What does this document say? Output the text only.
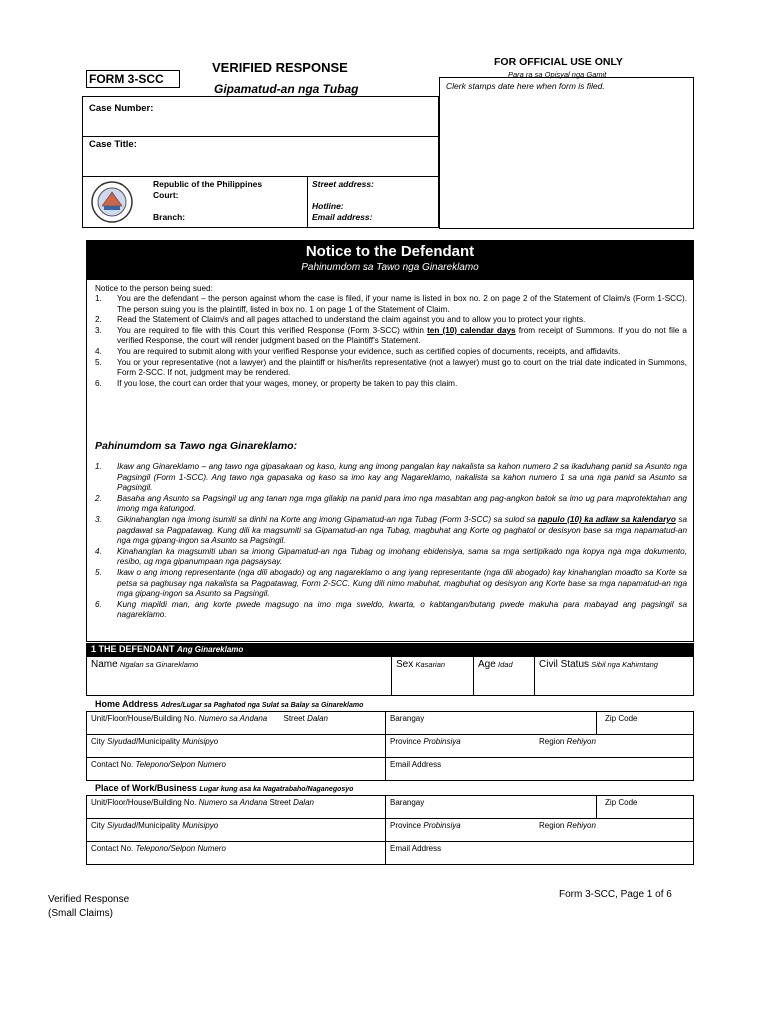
FORM 3-SCC
VERIFIED RESPONSE
Gipamatud-an nga Tubag
FOR OFFICIAL USE ONLY
Para ra sa Opisyal nga Gamit
Clerk stamps date here when form is filed.
Case Number:
Case Title:
Republic of the Philippines
Court:
Branch:
Street address:
Hotline:
Email address:
Notice to the Defendant
Pahinumdom sa Tawo nga Ginareklamo
Notice to the person being sued:
1. You are the defendant – the person against whom the case is filed, if your name is listed in box no. 2 on page 2 of the Statement of Claim/s (Form 1-SCC). The person suing you is the plaintiff, listed in box no. 1 on page 1 of the Statement of Claim.
2. Read the Statement of Claim/s and all pages attached to understand the claim against you and to allow you to protect your rights.
3. You are required to file with this Court this verified Response (Form 3-SCC) within ten (10) calendar days from receipt of Summons. If you do not file a verified Response, the court will render judgment based on the Plaintiff's Statement.
4. You are required to submit along with your verified Response your evidence, such as certified copies of documents, receipts, and affidavits.
5. You or your representative (not a lawyer) and the plaintiff or his/her/its representative (not a lawyer) must go to court on the trial date indicated in Summons, Form 2-SCC. If not, judgment may be rendered.
6. If you lose, the court can order that your wages, money, or property be taken to pay this claim.
Pahinumdom sa Tawo nga Ginareklamo:
1. Ikaw ang Ginareklamo – ang tawo nga gipasakaan og kaso, kung ang imong pangalan kay nakalista sa kahon numero 2 sa ikaduhang panid sa Asunto nga Pagsingil (Form 1-SCC). Ang tawo nga gapasaka og kaso sa imo kay ang Nagareklamo, nakalista sa kahon numero 1 sa una nga panid sa Asunto sa Pagsingil.
2. Basaha ang Asunto sa Pagsingil ug ang tanan nga mga gilakip na panid para imo nga masabtan ang pag-angkon batok sa imo ug para maprotektahan ang imong mga katungod.
3. Gikinahanglan nga imong isumiti sa dinhi na Korte ang imong Gipamatud-an nga Tubag (Form 3-SCC) sa sulod sa napulo (10) ka adlaw sa kalendaryo sa pagdawat sa Pagpatawag. Kung dili ka magsumiti sa Gipamatud-an nga Tubag, magbuhat ang Korte og paghatol or desisyon base sa mga napamatud-an nga mga gipang-ingon sa Asunto sa Pagsingil.
4. Kinahanglan ka magsumiti uban sa imong Gipamatud-an nga Tubag og imohang ebidensiya, sama sa mga sertipikado nga kopya nga mga dokumento, resibo, ug mga gipanumpaan nga pagsaysay.
5. Ikaw o ang imong representante (nga dili abogado) og ang nagareklamo o ang iyang representante (nga dili abogado) kay kinahanglan moadto sa Korte sa petsa sa paghusay nga nakalista sa Pagpatawag, Form 2-SCC. Kung dili nimo mabuhat, magbuhat og desisyon ang Korte base sa mga napamatud-an nga mga gipang-ingon sa Asunto sa Pagsingil.
6. Kung mapildi man, ang korte pwede magsugo na imo mga sweldo, kwarta, o kabtangan/butang pwede makuha para mabayad ang pagsingil sa nagareklamo.
1 THE DEFENDANT Ang Ginareklamo
Name Ngalan sa Ginareklamo	Sex Kasarian	Age Idad	Civil Status Sibil nga Kahimtang
Home Address Adres/Lugar sa Paghatod nga Sulat sa Balay sa Ginareklamo
Unit/Floor/House/Building No. Numero sa Andana Street Dalan	Barangay	Zip Code
City Siyudad/Municipality Munisipyo	Province Probinsiya	Region Rehiyon
Contact No. Telepono/Selpon Numero	Email Address
Place of Work/Business Lugar kung asa ka Nagatrabaho/Naganegosyo
Unit/Floor/House/Building No. Numero sa Andana Street Dalan	Barangay	Zip Code
City Siyudad/Municipality Munisipyo	Province Probinsiya	Region Rehiyon
Contact No. Telepono/Selpon Numero	Email Address
Verified Response
(Small Claims)
Form 3-SCC, Page 1 of 6
